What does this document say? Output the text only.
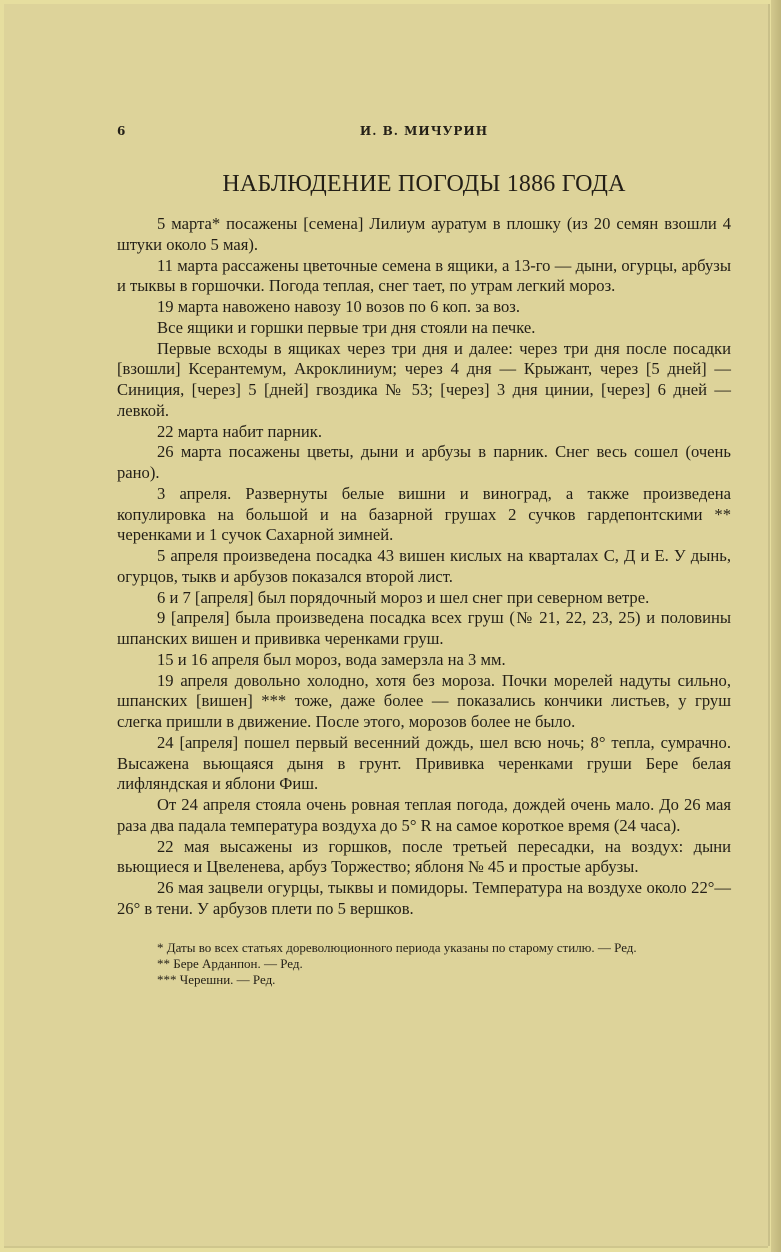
6	И. В. МИЧУРИН
НАБЛЮДЕНИЕ ПОГОДЫ 1886 ГОДА

5 марта* посажены [семена] Лилиум ауратум в плошку (из 20 семян взошли 4 штуки около 5 мая).

11 марта рассажены цветочные семена в ящики, а 13-го — дыни, огурцы, арбузы и тыквы в горшочки. Погода теплая, снег тает, по утрам легкий мороз.

19 марта навожено навозу 10 возов по 6 коп. за воз.

Все ящики и горшки первые три дня стояли на печке.

Первые всходы в ящиках через три дня и далее: через три дня после посадки [взошли] Ксерантемум, Акроклиниум; через 4 дня — Крыжант, через [5 дней] — Синиция, [через] 5 [дней] гвоздика № 53; [через] 3 дня цинии, [через] 6 дней — левкой.

22 марта набит парник.

26 марта посажены цветы, дыни и арбузы в парник. Снег весь сошел (очень рано).

3 апреля. Развернуты белые вишни и виноград, а также произведена копулировка на большой и на базарной грушах 2 сучков гардепонтскими ** черенками и 1 сучок Сахарной зимней.

5 апреля произведена посадка 43 вишен кислых на кварталах С, Д и Е. У дынь, огурцов, тыкв и арбузов показался второй лист.

6 и 7 [апреля] был порядочный мороз и шел снег при северном ветре.

9 [апреля] была произведена посадка всех груш (№ 21, 22, 23, 25) и половины шпанских вишен и прививка черенками груш.

15 и 16 апреля был мороз, вода замерзла на 3 мм.

19 апреля довольно холодно, хотя без мороза. Почки морелей надуты сильно, шпанских [вишен] *** тоже, даже более — показались кончики листьев, у груш слегка пришли в движение. После этого, морозов более не было.

24 [апреля] пошел первый весенний дождь, шел всю ночь; 8° тепла, сумрачно. Высажена вьющаяся дыня в грунт. Прививка черенками груши Бере белая лифляндская и яблони Фиш.

От 24 апреля стояла очень ровная теплая погода, дождей очень мало. До 26 мая раза два падала температура воздуха до 5° R на самое короткое время (24 часа).

22 мая высажены из горшков, после третьей пересадки, на воздух: дыни вьющиеся и Цвеленева, арбуз Торжество; яблоня № 45 и простые арбузы.

26 мая зацвели огурцы, тыквы и помидоры. Температура на воздухе около 22°—26° в тени. У арбузов плети по 5 вершков.

* Даты во всех статьях дореволюционного периода указаны по старому стилю. — Ред.

** Бере Арданпон. — Ред.

*** Черешни. — Ред.
